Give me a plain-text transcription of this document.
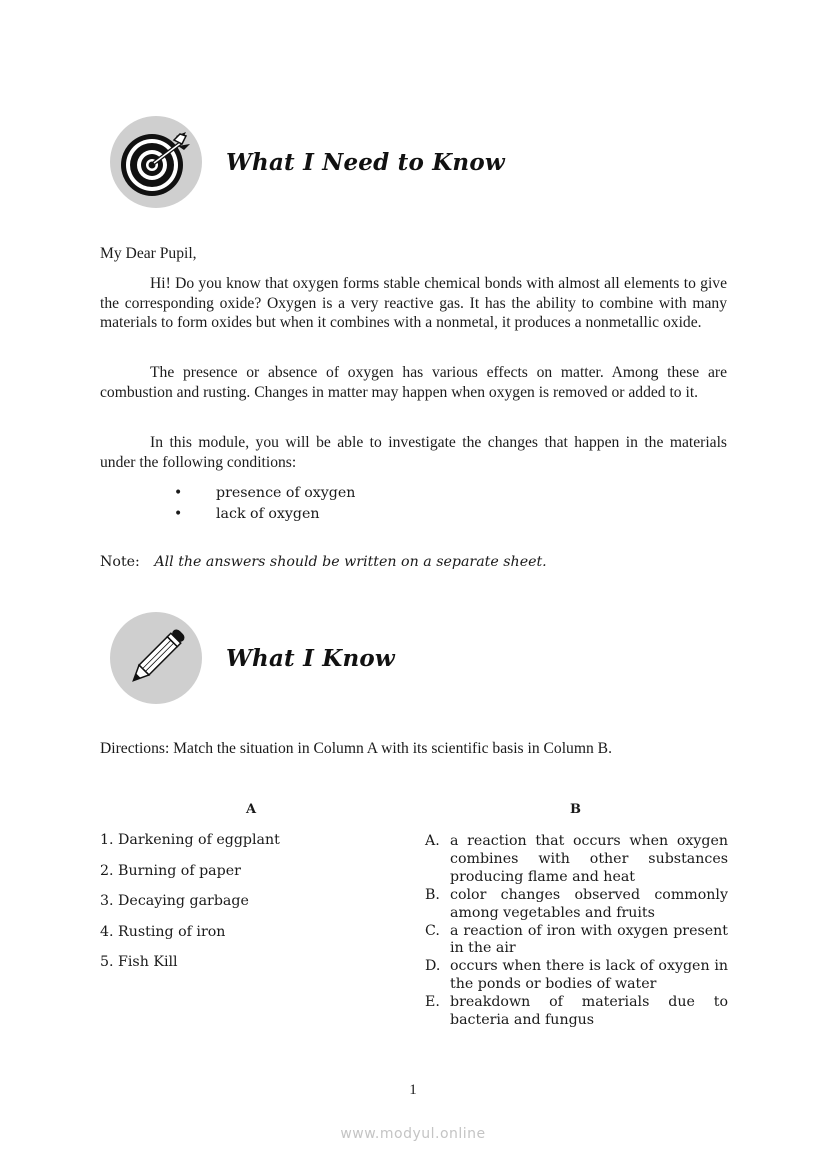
What I Need to Know
My Dear Pupil,
Hi! Do you know that oxygen forms stable chemical bonds with almost all elements to give the corresponding oxide? Oxygen is a very reactive gas. It has the ability to combine with many materials to form oxides but when it combines with a nonmetal, it produces a nonmetallic oxide.
The presence or absence of oxygen has various effects on matter. Among these are combustion and rusting. Changes in matter may happen when oxygen is removed or added to it.
In this module, you will be able to investigate the changes that happen in the materials under the following conditions:
•	presence of oxygen
•	lack of oxygen
Note: All the answers should be written on a separate sheet.
What I Know
Directions: Match the situation in Column A with its scientific basis in Column B.
A	B
1. Darkening of eggplant
2. Burning of paper
3. Decaying garbage
4. Rusting of iron
5. Fish Kill
A. a reaction that occurs when oxygen combines with other substances producing flame and heat
B. color changes observed commonly among vegetables and fruits
C. a reaction of iron with oxygen present in the air
D. occurs when there is lack of oxygen in the ponds or bodies of water
E. breakdown of materials due to bacteria and fungus
1
www.modyul.online
